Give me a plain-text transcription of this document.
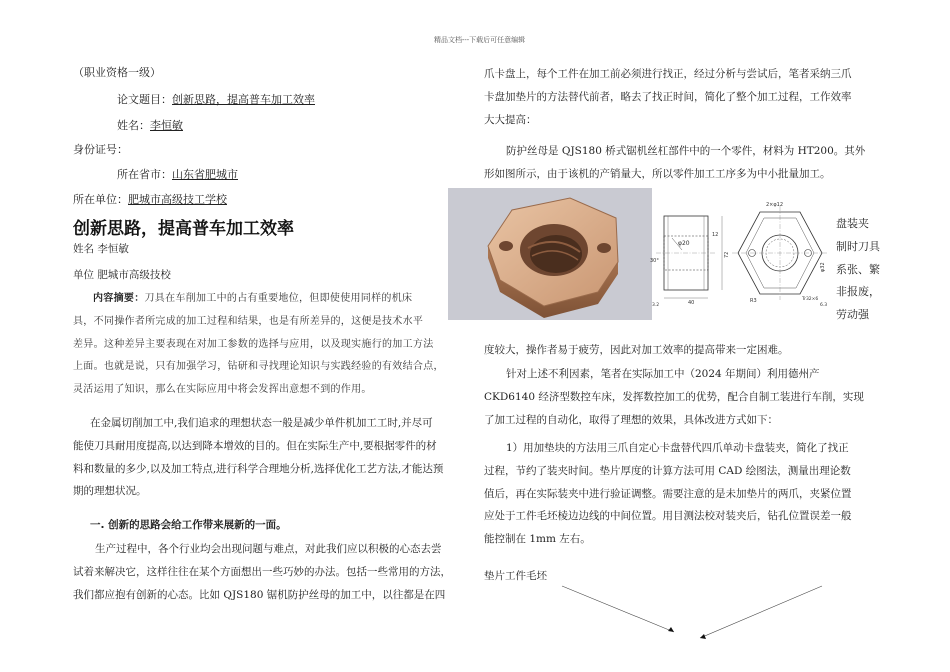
精品文档---下载后可任意编辑
（职业资格一级）
论文题目：创新思路，提高普车加工效率
姓名：李恒敏
身份证号：
所在省市：山东省肥城市
所在单位：肥城市高级技工学校
创新思路，提高普车加工效率
姓名 李恒敏
单位 肥城市高级技校
内容摘要：刀具在车削加工中的占有重要地位，但即使使用同样的机床
具，不同操作者所完成的加工过程和结果，也是有所差异的，这便是技术水平
差异。这种差异主要表现在对加工参数的选择与应用，以及现实施行的加工方法
上面。也就是说，只有加强学习，钻研和寻找理论知识与实践经验的有效结合点，
灵活运用了知识，那么在实际应用中将会发挥出意想不到的作用。
在金属切削加工中,我们追求的理想状态一般是减少单件机加工工时,并尽可
能使刀具耐用度提高,以达到降本增效的目的。但在实际生产中,要根据零件的材
料和数量的多少,以及加工特点,进行科学合理地分析,选择优化工艺方法,才能达预
期的理想状况。
一. 创新的思路会给工作带来展新的一面。
生产过程中，各个行业均会出现问题与难点，对此我们应以积极的心态去尝
试着来解决它，这样往往在某个方面想出一些巧妙的办法。包括一些常用的方法，
我们都应抱有创新的心态。比如 QJS180 锯机防护丝母的加工中，以往都是在四
爪卡盘上，每个工件在加工前必须进行找正，经过分析与尝试后，笔者采纳三爪
卡盘加垫片的方法替代前者，略去了找正时间，简化了整个加工过程，工作效率
大大提高：
防护丝母是 QJS180 桥式锯机丝杠部件中的一个零件，材料为 HT200。其外
形如图所示，由于该机的产销量大，所以零件加工工序多为中小批量加工。
φ20
30°
40
3.2
72
12
2×φ12
φ32
Tr32×6
R3
6.3
盘装夹
制时刀具
系张、繁
非报废，
劳动强
度较大，操作者易于疲劳，因此对加工效率的提高带来一定困难。
针对上述不利因素，笔者在实际加工中（2024 年期间）利用德州产
CKD6140 经济型数控车床，发挥数控加工的优势，配合自制工装进行车削，实现
了加工过程的自动化，取得了理想的效果，具体改进方式如下：
1）用加垫块的方法用三爪自定心卡盘替代四爪单动卡盘装夹，简化了找正
过程，节约了装夹时间。垫片厚度的计算方法可用 CAD 绘图法，测量出理论数
值后，再在实际装夹中进行验证调整。需要注意的是未加垫片的两爪，夹紧位置
应处于工件毛坯棱边边线的中间位置。用目测法校对装夹后，钻孔位置误差一般
能控制在 1mm 左右。
垫片工件毛坯
